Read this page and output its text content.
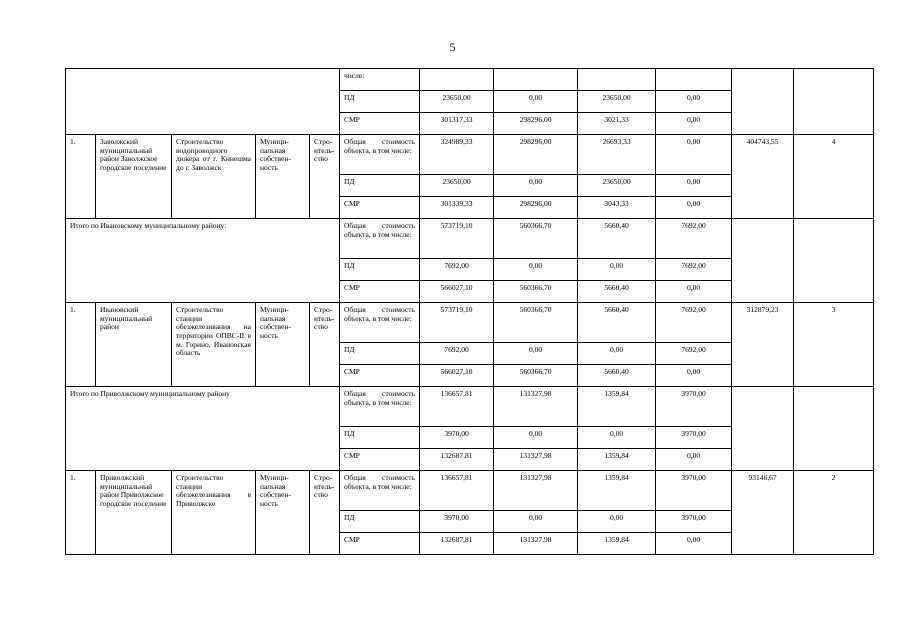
5
					числе:						
					ПД	23650,00	0,00	23650,00	0,00		
					СМР	301317,33	298296,00	3021,33	0,00		
1.	Заволжский муниципальный район Заволжское городское поселение	Строительство водопроводного дюкера от г. Кинешма до г. Заволжск	Муници-пальная собствен-ность	Стро-итель-ство	Общая стоимость объекта, в том числе:	324989,33	298296,00	26693,33	0,00	404743,55	4
					ПД	23650,00	0,00	23650,00	0,00		
					СМР	301339,33	298296,00	3043,33	0,00		
Итого по Ивановскому муниципальному району:					Общая стоимость объекта, в том числе:	573719,10	560366,70	5660,40	7692,00		
					ПД	7692,00	0,00	0,00	7692,00		
					СМР	566027,10	560366,70	5660,40	0,00		
1.	Ивановский муниципальный район	Строительство станции обезжелезивания на территории ОПВС-II в м. Горино, Ивановская область	Муници-пальная собствен-ность	Стро-итель-ство	Общая стоимость объекта, в том числе:	573719,10	560366,70	5660,40	7692,00	312879,23	3
					ПД	7692,00	0,00	0,00	7692,00		
					СМР	566027,10	560366,70	5660,40	0,00		
Итого по Приволжскому муниципальному району					Общая стоимость объекта, в том числе:	136657,81	131327,98	1359,84	3970,00		
					ПД	3970,00	0,00	0,00	3970,00		
					СМР	132687,81	131327,98	1359,84	0,00		
1.	Приволжский муниципальный район Приволжское городское поселение	Строительство станции обезжелезивания в Приволжске	Муници-пальная собствен-ность	Стро-итель-ство	Общая стоимость объекта, в том числе:	136657,81	131327,98	1359,84	3970,00	93146,67	2
					ПД	3970,00	0,00	0,00	3970,00		
					СМР	132687,81	131327,98	1359,84	0,00		
